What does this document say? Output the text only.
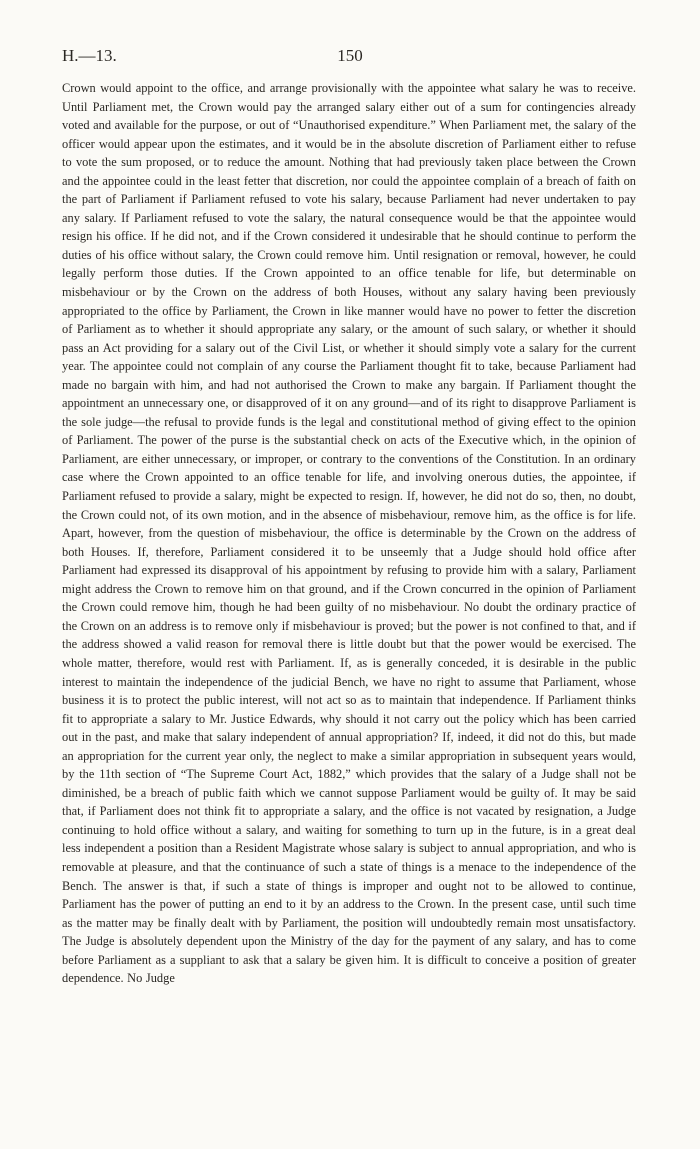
H.—13.	150

Crown would appoint to the office, and arrange provisionally with the appointee what salary he was to receive. Until Parliament met, the Crown would pay the arranged salary either out of a sum for contingencies already voted and available for the purpose, or out of “Unauthorised expenditure.” When Parliament met, the salary of the officer would appear upon the estimates, and it would be in the absolute discretion of Parliament either to refuse to vote the sum proposed, or to reduce the amount. Nothing that had previously taken place between the Crown and the appointee could in the least fetter that discretion, nor could the appointee complain of a breach of faith on the part of Parliament if Parliament refused to vote his salary, because Parliament had never undertaken to pay any salary. If Parliament refused to vote the salary, the natural consequence would be that the appointee would resign his office. If he did not, and if the Crown considered it undesirable that he should continue to perform the duties of his office without salary, the Crown could remove him. Until resignation or removal, however, he could legally perform those duties. If the Crown appointed to an office tenable for life, but determinable on misbehaviour or by the Crown on the address of both Houses, without any salary having been previously appropriated to the office by Parliament, the Crown in like manner would have no power to fetter the discretion of Parliament as to whether it should appropriate any salary, or the amount of such salary, or whether it should pass an Act providing for a salary out of the Civil List, or whether it should simply vote a salary for the current year. The appointee could not complain of any course the Parliament thought fit to take, because Parliament had made no bargain with him, and had not authorised the Crown to make any bargain. If Parliament thought the appointment an unnecessary one, or disapproved of it on any ground—and of its right to disapprove Parliament is the sole judge—the refusal to provide funds is the legal and constitutional method of giving effect to the opinion of Parliament. The power of the purse is the substantial check on acts of the Executive which, in the opinion of Parliament, are either unnecessary, or improper, or contrary to the conventions of the Constitution. In an ordinary case where the Crown appointed to an office tenable for life, and involving onerous duties, the appointee, if Parliament refused to provide a salary, might be expected to resign. If, however, he did not do so, then, no doubt, the Crown could not, of its own motion, and in the absence of misbehaviour, remove him, as the office is for life. Apart, however, from the question of misbehaviour, the office is determinable by the Crown on the address of both Houses. If, therefore, Parliament considered it to be unseemly that a Judge should hold office after Parliament had expressed its disapproval of his appointment by refusing to provide him with a salary, Parliament might address the Crown to remove him on that ground, and if the Crown concurred in the opinion of Parliament the Crown could remove him, though he had been guilty of no misbehaviour. No doubt the ordinary practice of the Crown on an address is to remove only if misbehaviour is proved; but the power is not confined to that, and if the address showed a valid reason for removal there is little doubt but that the power would be exercised. The whole matter, therefore, would rest with Parliament. If, as is generally conceded, it is desirable in the public interest to maintain the independence of the judicial Bench, we have no right to assume that Parliament, whose business it is to protect the public interest, will not act so as to maintain that independence. If Parliament thinks fit to appropriate a salary to Mr. Justice Edwards, why should it not carry out the policy which has been carried out in the past, and make that salary independent of annual appropriation? If, indeed, it did not do this, but made an appropriation for the current year only, the neglect to make a similar appropriation in subsequent years would, by the 11th section of “The Supreme Court Act, 1882,” which provides that the salary of a Judge shall not be diminished, be a breach of public faith which we cannot suppose Parliament would be guilty of. It may be said that, if Parliament does not think fit to appropriate a salary, and the office is not vacated by resignation, a Judge continuing to hold office without a salary, and waiting for something to turn up in the future, is in a great deal less independent a position than a Resident Magistrate whose salary is subject to annual appropriation, and who is removable at pleasure, and that the continuance of such a state of things is a menace to the independence of the Bench. The answer is that, if such a state of things is improper and ought not to be allowed to continue, Parliament has the power of putting an end to it by an address to the Crown. In the present case, until such time as the matter may be finally dealt with by Parliament, the position will undoubtedly remain most unsatisfactory. The Judge is absolutely dependent upon the Ministry of the day for the payment of any salary, and has to come before Parliament as a suppliant to ask that a salary be given him. It is difficult to conceive a position of greater dependence. No Judge
